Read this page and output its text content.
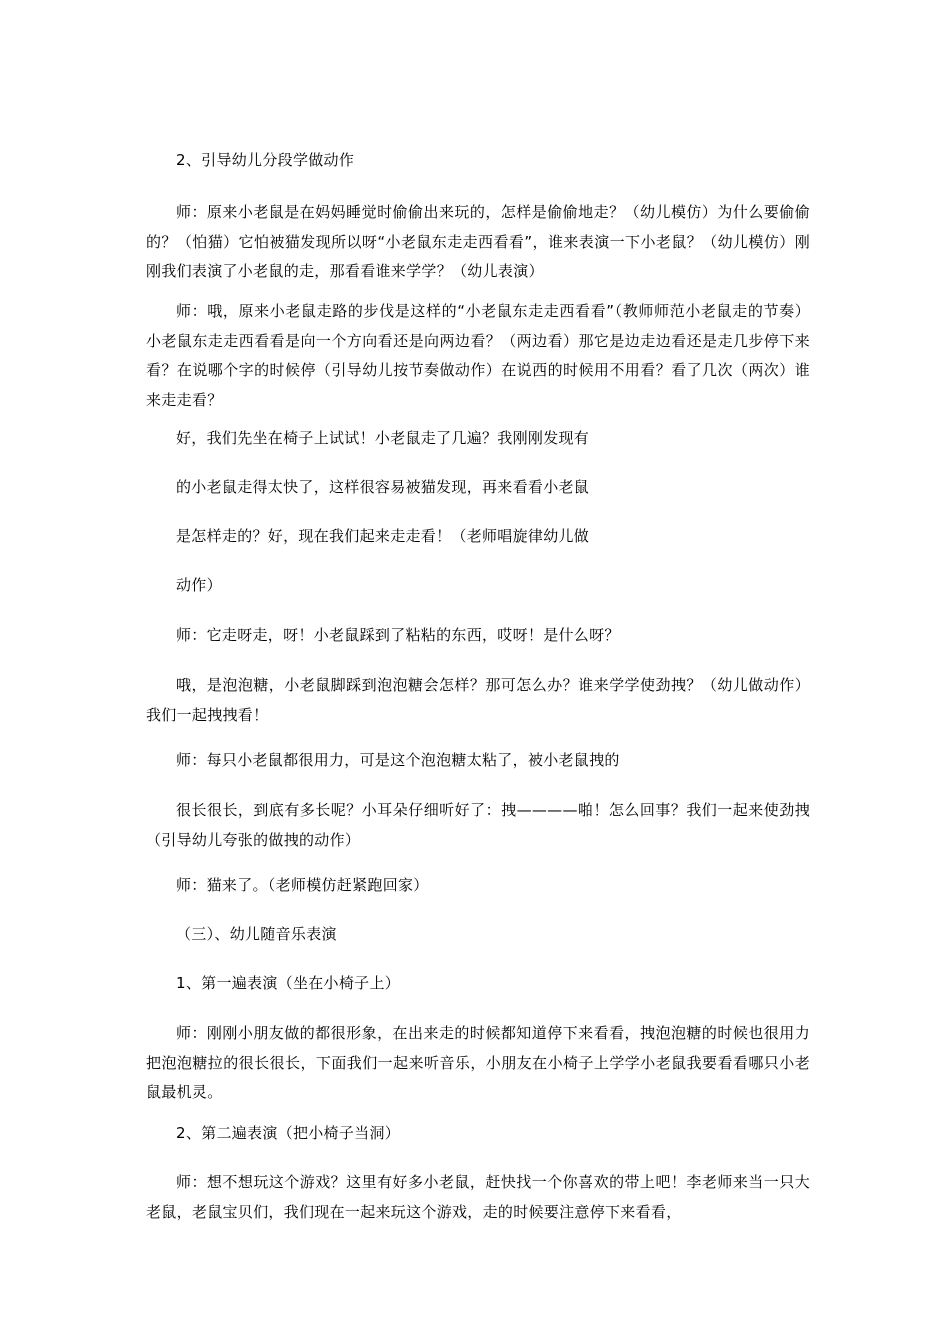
2、引导幼儿分段学做动作

师：原来小老鼠是在妈妈睡觉时偷偷出来玩的，怎样是偷偷地走？（幼儿模仿）为什么要偷偷的？（怕猫）它怕被猫发现所以呀“小老鼠东走走西看看”，谁来表演一下小老鼠？（幼儿模仿）刚刚我们表演了小老鼠的走，那看看谁来学学？（幼儿表演）

师：哦，原来小老鼠走路的步伐是这样的“小老鼠东走走西看看”（教师师范小老鼠走的节奏）小老鼠东走走西看看是向一个方向看还是向两边看？（两边看）那它是边走边看还是走几步停下来看？在说哪个字的时候停（引导幼儿按节奏做动作）在说西的时候用不用看？看了几次（两次）谁来走走看？

好，我们先坐在椅子上试试！小老鼠走了几遍？我刚刚发现有

的小老鼠走得太快了，这样很容易被猫发现，再来看看小老鼠

是怎样走的？好，现在我们起来走走看！（老师唱旋律幼儿做

动作）

师：它走呀走，呀！小老鼠踩到了粘粘的东西，哎呀！是什么呀？

哦，是泡泡糖，小老鼠脚踩到泡泡糖会怎样？那可怎么办？谁来学学使劲拽？（幼儿做动作）我们一起拽拽看！

师：每只小老鼠都很用力，可是这个泡泡糖太粘了，被小老鼠拽的

很长很长，到底有多长呢？小耳朵仔细听好了：拽————啪！怎么回事？我们一起来使劲拽（引导幼儿夸张的做拽的动作）

师：猫来了。（老师模仿赶紧跑回家）

（三）、幼儿随音乐表演

1、第一遍表演（坐在小椅子上）

师：刚刚小朋友做的都很形象，在出来走的时候都知道停下来看看，拽泡泡糖的时候也很用力把泡泡糖拉的很长很长，下面我们一起来听音乐，小朋友在小椅子上学学小老鼠我要看看哪只小老鼠最机灵。

2、第二遍表演（把小椅子当洞）

师：想不想玩这个游戏？这里有好多小老鼠，赶快找一个你喜欢的带上吧！李老师来当一只大老鼠，老鼠宝贝们，我们现在一起来玩这个游戏，走的时候要注意停下来看看，
